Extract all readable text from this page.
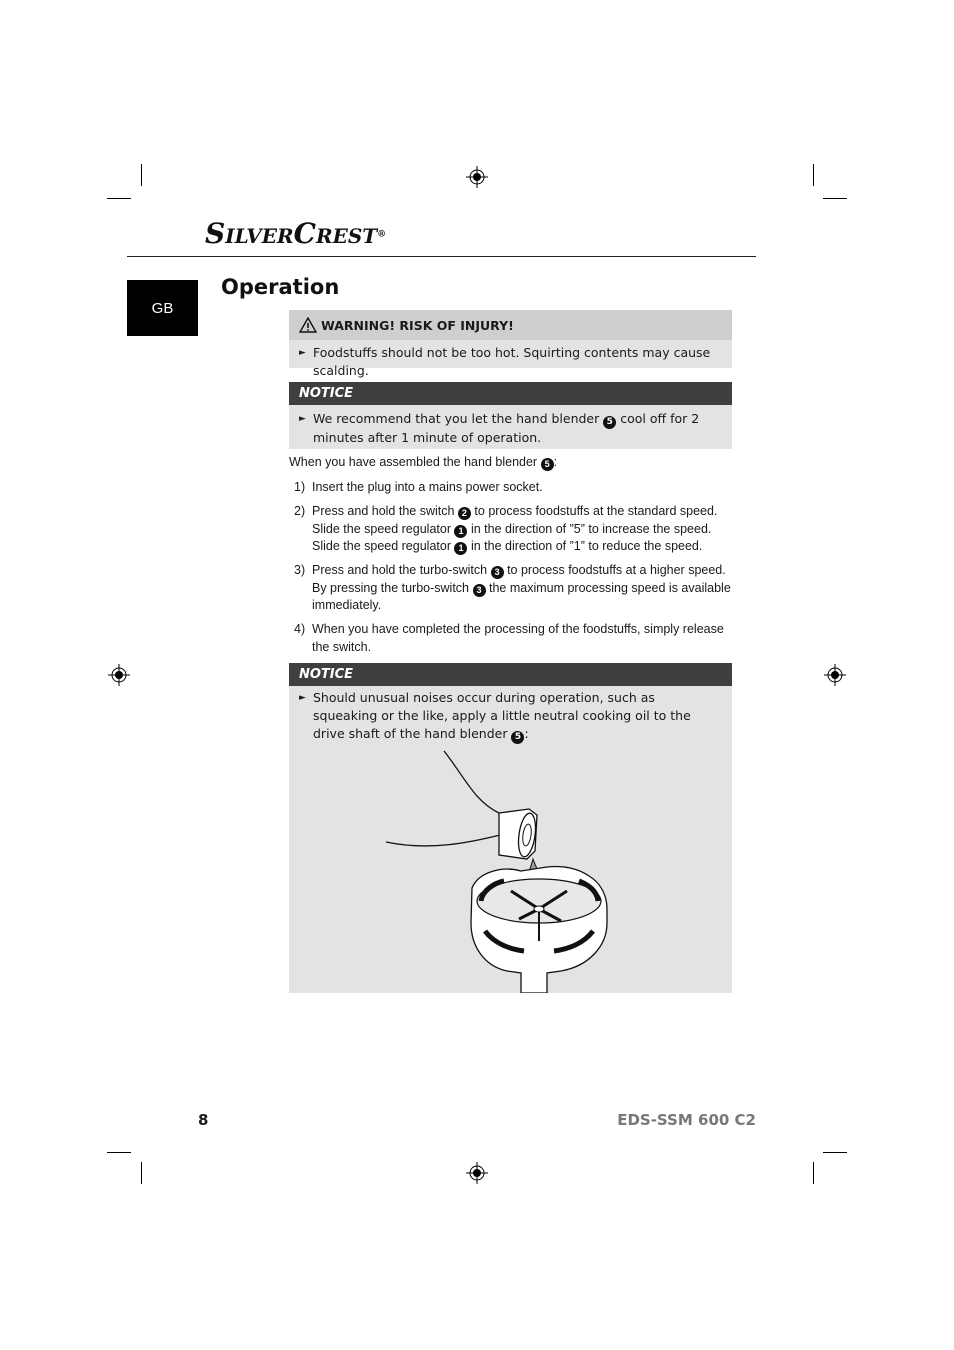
SILVERCREST®
GB
Operation
WARNING! RISK OF INJURY!
► Foodstuffs should not be too hot. Squirting contents may cause scalding.
NOTICE
► We recommend that you let the hand blender 5 cool off for 2 minutes after 1 minute of operation.
When you have assembled the hand blender 5 :
1) Insert the plug into a mains power socket.
2) Press and hold the switch 2 to process foodstuffs at the standard speed.
Slide the speed regulator 1 in the direction of ”5” to increase the speed.
Slide the speed regulator 1 in the direction of ”1” to reduce the speed.
3) Press and hold the turbo-switch 3 to process foodstuffs at a higher speed.
By pressing the turbo-switch 3 the maximum processing speed is available immediately.
4) When you have completed the processing of the foodstuffs, simply release the switch.
NOTICE
► Should unusual noises occur during operation, such as squeaking or the like, apply a little neutral cooking oil to the drive shaft of the hand blender 5 :
8	EDS-SSM 600 C2
